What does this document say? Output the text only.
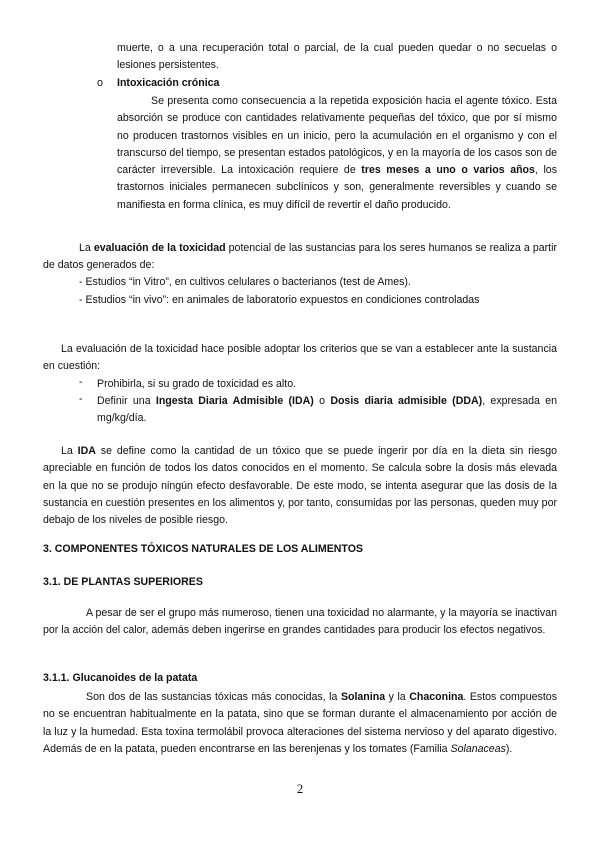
muerte, o a una recuperación total o parcial, de la cual pueden quedar o no secuelas o lesiones persistentes.

o Intoxicación crónica

Se presenta como consecuencia a la repetida exposición hacia el agente tóxico. Esta absorción se produce con cantidades relativamente pequeñas del tóxico, que por sí mismo no producen trastornos visibles en un inicio, pero la acumulación en el organismo y con el transcurso del tiempo, se presentan estados patológicos, y en la mayoría de los casos son de carácter irreversible. La intoxicación requiere de tres meses a uno o varios años, los trastornos iniciales permanecen subclínicos y son, generalmente reversibles y cuando se manifiesta en forma clínica, es muy difícil de revertir el daño producido.

La evaluación de la toxicidad potencial de las sustancias para los seres humanos se realiza a partir de datos generados de:

- Estudios “in Vitro”, en cultivos celulares o bacterianos (test de Ames).

- Estudios “in vivo”: en animales de laboratorio expuestos en condiciones controladas

La evaluación de la toxicidad hace posible adoptar los criterios que se van a establecer ante la sustancia en cuestión:

- Prohibirla, si su grado de toxicidad es alto.

- Definir una Ingesta Diaria Admisible (IDA) o Dosis diaria admisible (DDA), expresada en mg/kg/día.

La IDA se define como la cantidad de un tóxico que se puede ingerir por día en la dieta sin riesgo apreciable en función de todos los datos conocidos en el momento. Se calcula sobre la dosis más elevada en la que no se produjo ningún efecto desfavorable. De este modo, se intenta asegurar que las dosis de la sustancia en cuestión presentes en los alimentos y, por tanto, consumidas por las personas, queden muy por debajo de los niveles de posible riesgo.

3. COMPONENTES TÓXICOS NATURALES DE LOS ALIMENTOS

3.1. DE PLANTAS SUPERIORES

A pesar de ser el grupo más numeroso, tienen una toxicidad no alarmante, y la mayoría se inactivan por la acción del calor, además deben ingerirse en grandes cantidades para producir los efectos negativos.

3.1.1. Glucanoides de la patata

Son dos de las sustancias tóxicas más conocidas, la Solanina y la Chaconina. Estos compuestos no se encuentran habitualmente en la patata, sino que se forman durante el almacenamiento por acción de la luz y la humedad. Esta toxina termolábil provoca alteraciones del sistema nervioso y del aparato digestivo. Además de en la patata, pueden encontrarse en las berenjenas y los tomates (Familia Solanaceas).

2
